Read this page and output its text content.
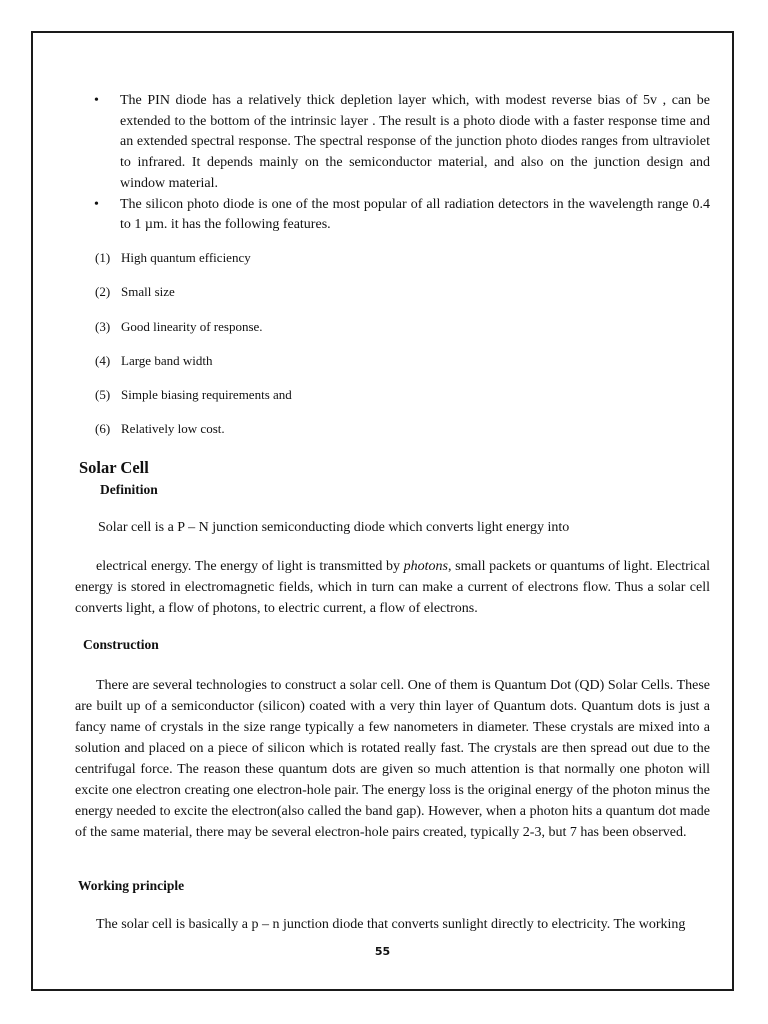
• The PIN diode has a relatively thick depletion layer which, with modest reverse bias of 5v , can be extended to the bottom of the intrinsic layer . The result is a photo diode with a faster response time and an extended spectral response. The spectral response of the junction photo diodes ranges from ultraviolet to infrared. It depends mainly on the semiconductor material, and also on the junction design and window material.
• The silicon photo diode is one of the most popular of all radiation detectors in the wavelength range 0.4 to 1 µm. it has the following features.
(1) High quantum efficiency
(2) Small size
(3) Good linearity of response.
(4) Large band width
(5) Simple biasing requirements and
(6) Relatively low cost.
Solar Cell
Definition

Solar cell is a P – N junction semiconducting diode which converts light energy into

electrical energy. The energy of light is transmitted by photons, small packets or quantums of light. Electrical energy is stored in electromagnetic fields, which in turn can make a current of electrons flow. Thus a solar cell converts light, a flow of photons, to electric current, a flow of electrons.

Construction

There are several technologies to construct a solar cell. One of them is Quantum Dot (QD) Solar Cells. These are built up of a semiconductor (silicon) coated with a very thin layer of Quantum dots. Quantum dots is just a fancy name of crystals in the size range typically a few nanometers in diameter. These crystals are mixed into a solution and placed on a piece of silicon which is rotated really fast. The crystals are then spread out due to the centrifugal force. The reason these quantum dots are given so much attention is that normally one photon will excite one electron creating one electron-hole pair. The energy loss is the original energy of the photon minus the energy needed to excite the electron(also called the band gap). However, when a photon hits a quantum dot made of the same material, there may be several electron-hole pairs created, typically 2-3, but 7 has been observed.

Working principle

The solar cell is basically a p – n junction diode that converts sunlight directly to electricity. The working

55
